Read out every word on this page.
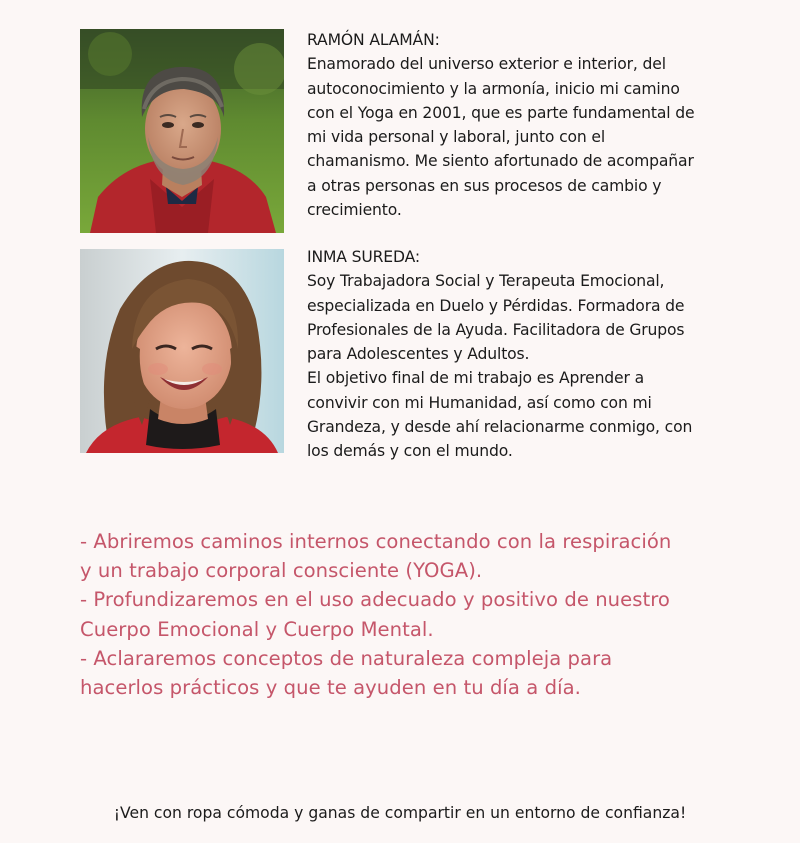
RAMÓN ALAMÁN:
Enamorado del universo exterior e interior, del
autoconocimiento y la armonía, inicio mi camino
con el Yoga en 2001, que es parte fundamental de
mi vida personal y laboral, junto con el
chamanismo. Me siento afortunado de acompañar
a otras personas en sus procesos de cambio y
crecimiento.
INMA SUREDA:
Soy Trabajadora Social y Terapeuta Emocional,
especializada en Duelo y Pérdidas. Formadora de
Profesionales de la Ayuda. Facilitadora de Grupos
para Adolescentes y Adultos.
El objetivo final de mi trabajo es Aprender a
convivir con mi Humanidad, así como con mi
Grandeza, y desde ahí relacionarme conmigo, con
los demás y con el mundo.
- Abriremos caminos internos conectando con la respiración
y un trabajo corporal consciente (YOGA).
- Profundizaremos en el uso adecuado y positivo de nuestro
Cuerpo Emocional y Cuerpo Mental.
- Aclararemos conceptos de naturaleza compleja para
hacerlos prácticos y que te ayuden en tu día a día.
¡Ven con ropa cómoda y ganas de compartir en un entorno de confianza!
